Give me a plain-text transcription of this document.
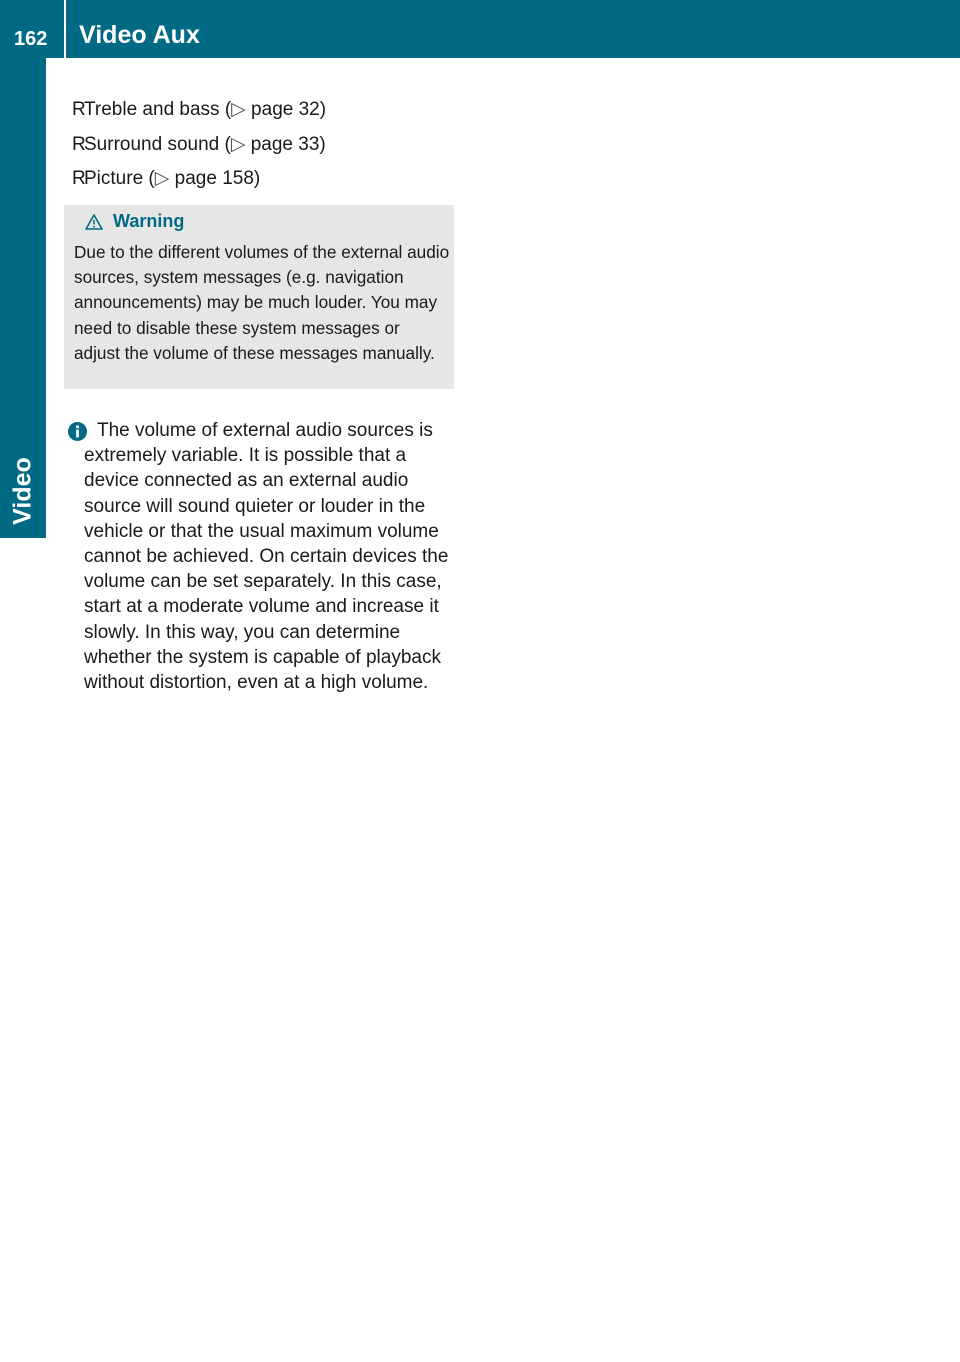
162 Video Aux
Video
RTreble and bass (▷ page 32)
RSurround sound (▷ page 33)
RPicture (▷ page 158)
Warning

Due to the different volumes of the external audio sources, system messages (e.g. navigation announcements) may be much louder. You may need to disable these system messages or adjust the volume of these messages manually.

The volume of external audio sources is extremely variable. It is possible that a device connected as an external audio source will sound quieter or louder in the vehicle or that the usual maximum volume cannot be achieved. On certain devices the volume can be set separately. In this case, start at a moderate volume and increase it slowly. In this way, you can determine whether the system is capable of playback without distortion, even at a high volume.
